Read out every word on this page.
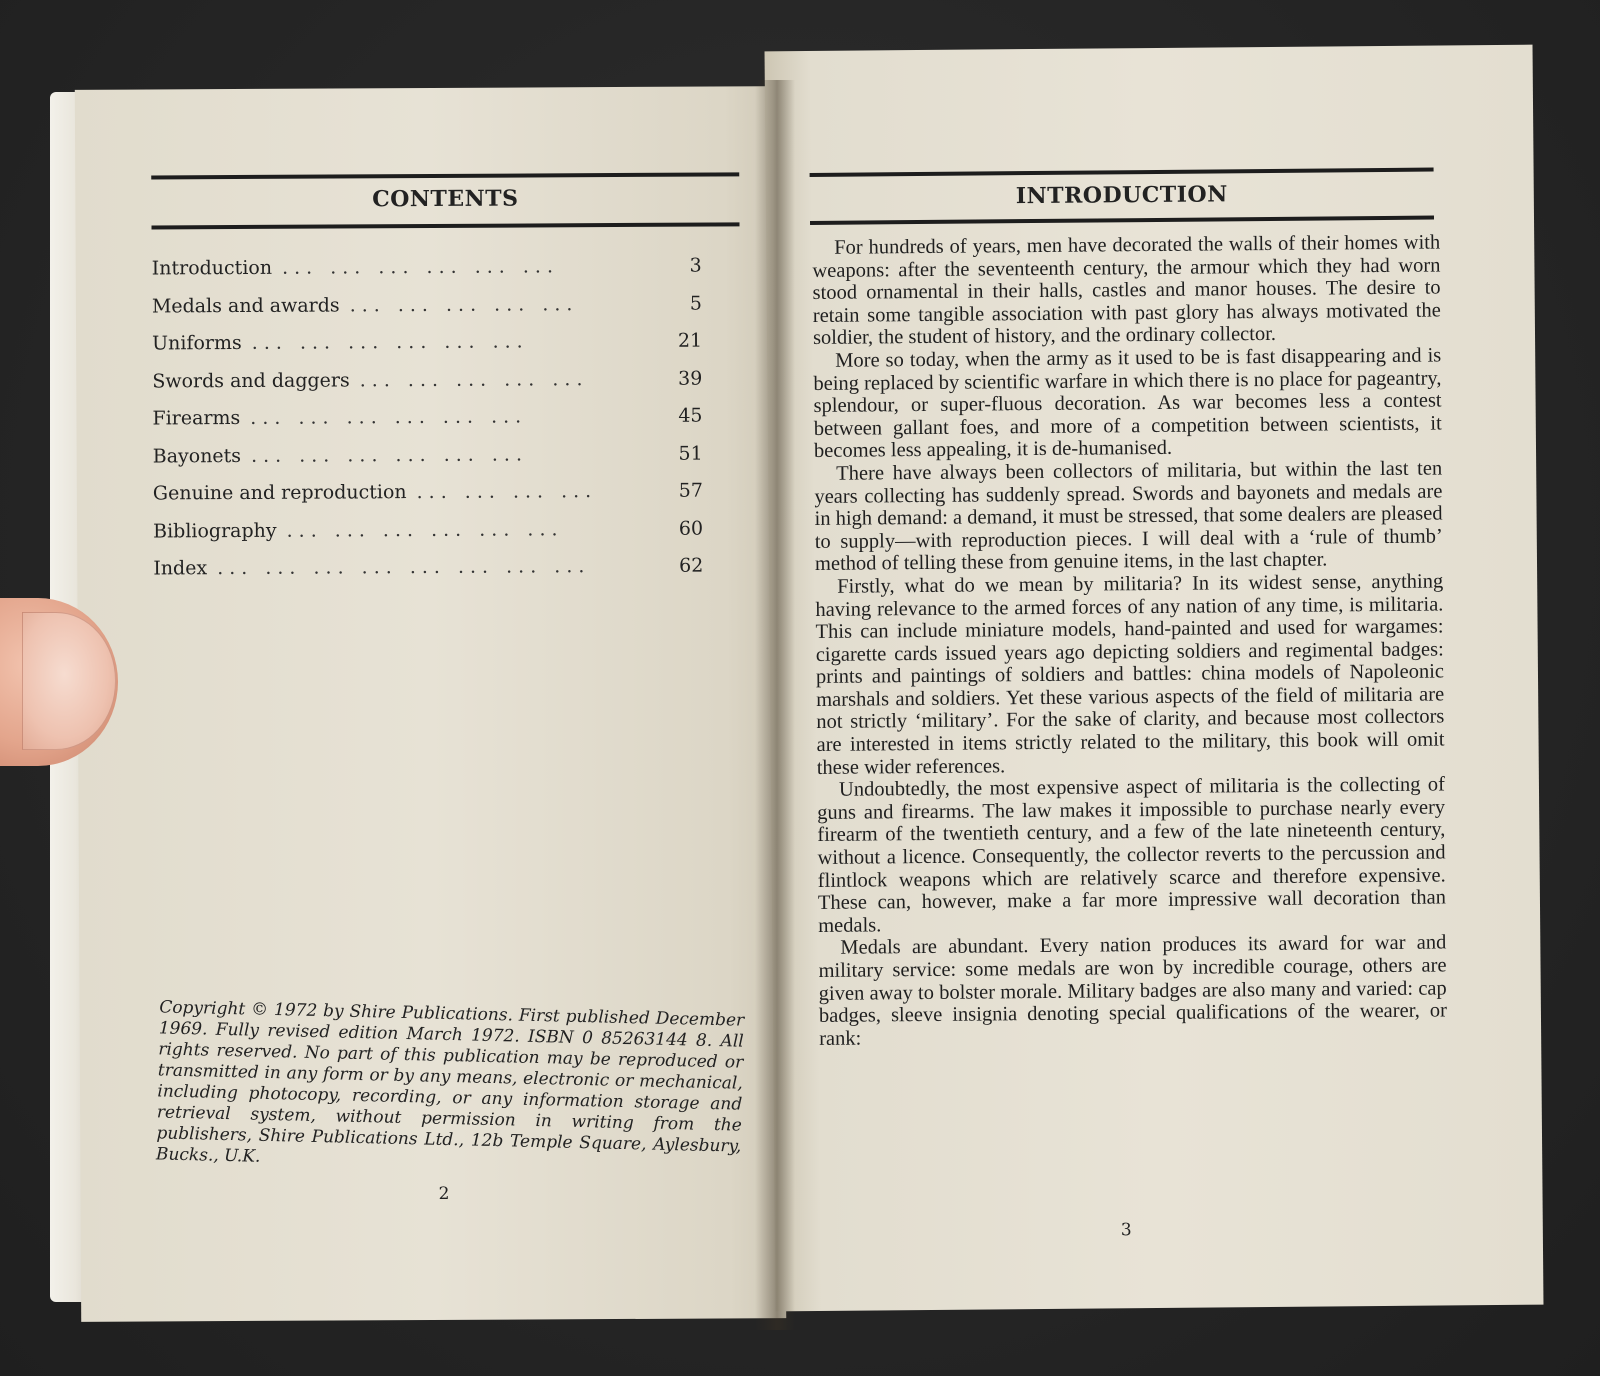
CONTENTS
Introduction ... ... ... ... ... ...	3
Medals and awards ... ... ... ... ...	5
Uniforms ... ... ... ... ... ...	21
Swords and daggers ... ... ... ... ...	39
Firearms ... ... ... ... ... ...	45
Bayonets ... ... ... ... ... ...	51
Genuine and reproduction ... ... ... ...	57
Bibliography ... ... ... ... ... ...	60
Index ... ... ... ... ... ... ... ...	62
Copyright © 1972 by Shire Publications. First published December 1969. Fully revised edition March 1972. ISBN 0 85263144 8. All rights reserved. No part of this publication may be reproduced or transmitted in any form or by any means, electronic or mechanical, including photocopy, recording, or any information storage and retrieval system, without permission in writing from the publishers, Shire Publications Ltd., 12b Temple Square, Aylesbury, Bucks., U.K.
2
INTRODUCTION

For hundreds of years, men have decorated the walls of their homes with weapons: after the seventeenth century, the armour which they had worn stood ornamental in their halls, castles and manor houses. The desire to retain some tangible association with past glory has always motivated the soldier, the student of history, and the ordinary collector.

More so today, when the army as it used to be is fast disappearing and is being replaced by scientific warfare in which there is no place for pageantry, splendour, or super-fluous decoration. As war becomes less a contest between gallant foes, and more of a competition between scientists, it becomes less appealing, it is de-humanised.

There have always been collectors of militaria, but within the last ten years collecting has suddenly spread. Swords and bayonets and medals are in high demand: a demand, it must be stressed, that some dealers are pleased to supply—with reproduction pieces. I will deal with a ‘rule of thumb’ method of telling these from genuine items, in the last chapter.

Firstly, what do we mean by militaria? In its widest sense, anything having relevance to the armed forces of any nation of any time, is militaria. This can include miniature models, hand-painted and used for wargames: cigarette cards issued years ago depicting soldiers and regimental badges: prints and paintings of soldiers and battles: china models of Napoleonic marshals and soldiers. Yet these various aspects of the field of militaria are not strictly ‘military’. For the sake of clarity, and because most collectors are interested in items strictly related to the military, this book will omit these wider references.

Undoubtedly, the most expensive aspect of militaria is the collecting of guns and firearms. The law makes it impossible to purchase nearly every firearm of the twentieth century, and a few of the late nineteenth century, without a licence. Consequently, the collector reverts to the percussion and flintlock weapons which are relatively scarce and therefore expensive. These can, however, make a far more impressive wall decoration than medals.

Medals are abundant. Every nation produces its award for war and military service: some medals are won by incredible courage, others are given away to bolster morale. Military badges are also many and varied: cap badges, sleeve insignia denoting special qualifications of the wearer, or rank:

3
